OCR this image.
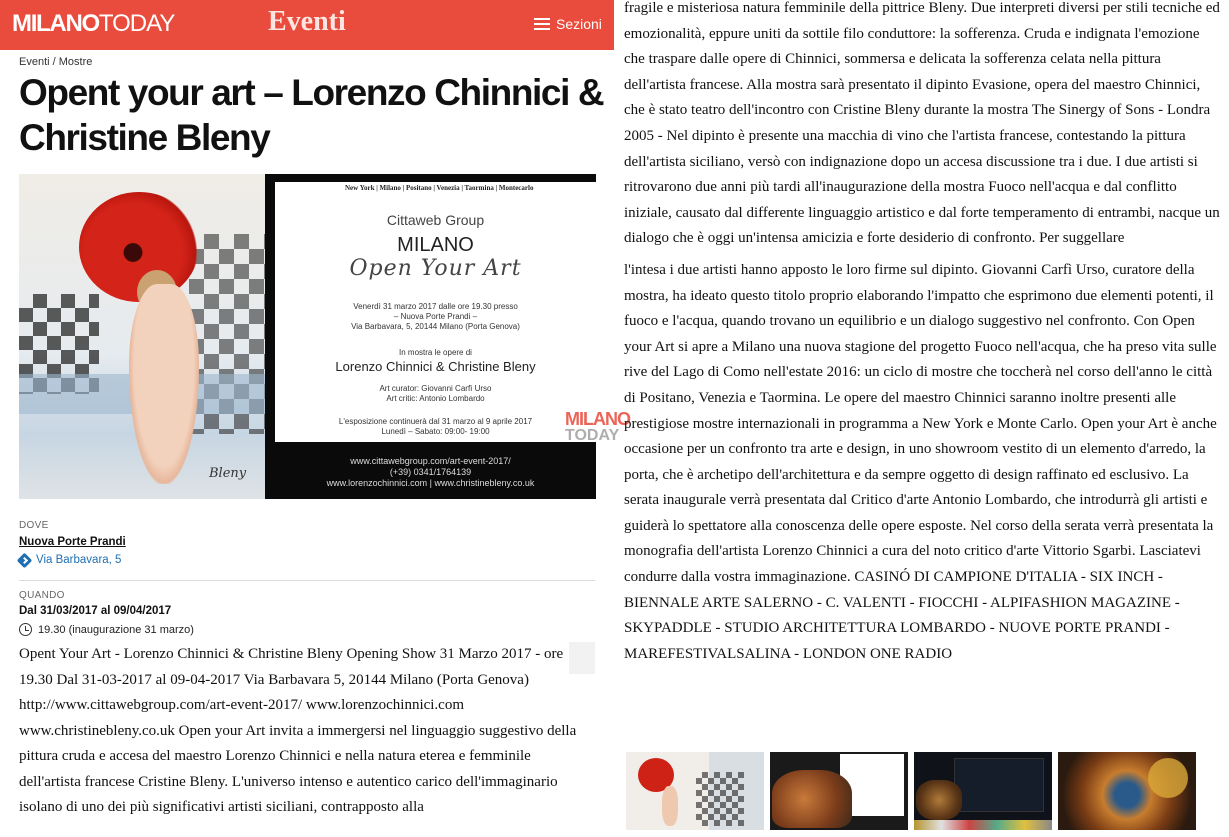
MILANOTODAY	Eventi	Sezioni
Eventi / Mostre
Opent your art – Lorenzo Chinnici & Christine Bleny
Bleny
New York | Milano | Positano | Venezia | Taormina | Montecarlo
Cittaweb Group
MILANO
Open Your Art
Venerdì 31 marzo 2017 dalle ore 19.30 presso
– Nuova Porte Prandi –
Via Barbavara, 5, 20144 Milano (Porta Genova)
In mostra le opere di
Lorenzo Chinnici & Christine Bleny
Art curator: Giovanni Carfì Urso
Art critic: Antonio Lombardo
L'esposizione continuerà dal 31 marzo al 9 aprile 2017
Lunedì – Sabato: 09:00- 19:00
www.cittawebgroup.com/art-event-2017/
(+39) 0341/1764139
www.lorenzochinnici.com | www.christinebleny.co.uk
MILANO
TODAY
DOVE
Nuova Porte Prandi
Via Barbavara, 5
QUANDO
Dal 31/03/2017 al 09/04/2017
19.30 (inaugurazione 31 marzo)
Opent Your Art - Lorenzo Chinnici & Christine Bleny Opening Show 31 Marzo 2017 - ore 19.30 Dal 31-03-2017 al 09-04-2017 Via Barbavara 5, 20144 Milano (Porta Genova) http://www.cittawebgroup.com/art-event-2017/ www.lorenzochinnici.com www.christinebleny.co.uk Open your Art invita a immergersi nel linguaggio suggestivo della pittura cruda e accesa del maestro Lorenzo Chinnici e nella natura eterea e femminile dell'artista francese Cristine Bleny. L'universo intenso e autentico carico dell'immaginario isolano di uno dei più significativi artisti siciliani, contrapposto alla

fragile e misteriosa natura femminile della pittrice Bleny. Due interpreti diversi per stili tecniche ed emozionalità, eppure uniti da sottile filo conduttore: la sofferenza. Cruda e indignata l'emozione che traspare dalle opere di Chinnici, sommersa e delicata la sofferenza celata nella pittura dell'artista francese. Alla mostra sarà presentato il dipinto Evasione, opera del maestro Chinnici, che è stato teatro dell'incontro con Cristine Bleny durante la mostra The Sinergy of Sons - Londra 2005 - Nel dipinto è presente una macchia di vino che l'artista francese, contestando la pittura dell'artista siciliano, versò con indignazione dopo un accesa discussione tra i due. I due artisti si ritrovarono due anni più tardi all'inaugurazione della mostra Fuoco nell'acqua e dal conflitto iniziale, causato dal differente linguaggio artistico e dal forte temperamento di entrambi, nacque un dialogo che è oggi un'intensa amicizia e forte desiderio di confronto. Per suggellare

l'intesa i due artisti hanno apposto le loro firme sul dipinto. Giovanni Carfì Urso, curatore della mostra, ha ideato questo titolo proprio elaborando l'impatto che esprimono due elementi potenti, il fuoco e l'acqua, quando trovano un equilibrio e un dialogo suggestivo nel confronto. Con Open your Art si apre a Milano una nuova stagione del progetto Fuoco nell'acqua, che ha preso vita sulle rive del Lago di Como nell'estate 2016: un ciclo di mostre che toccherà nel corso dell'anno le città di Positano, Venezia e Taormina. Le opere del maestro Chinnici saranno inoltre presenti alle prestigiose mostre internazionali in programma a New York e Monte Carlo. Open your Art è anche occasione per un confronto tra arte e design, in uno showroom vestito di un elemento d'arredo, la porta, che è archetipo dell'architettura e da sempre oggetto di design raffinato ed esclusivo. La serata inaugurale verrà presentata dal Critico d'arte Antonio Lombardo, che introdurrà gli artisti e guiderà lo spettatore alla conoscenza delle opere esposte. Nel corso della serata verrà presentata la monografia dell'artista Lorenzo Chinnici a cura del noto critico d'arte Vittorio Sgarbi. Lasciatevi condurre dalla vostra immaginazione. CASINÓ DI CAMPIONE D'ITALIA - SIX INCH - BIENNALE ARTE SALERNO - C. VALENTI - FIOCCHI - ALPIFASHION MAGAZINE - SKYPADDLE - STUDIO ARCHITETTURA LOMBARDO - NUOVE PORTE PRANDI - MAREFESTIVALSALINA - LONDON ONE RADIO
